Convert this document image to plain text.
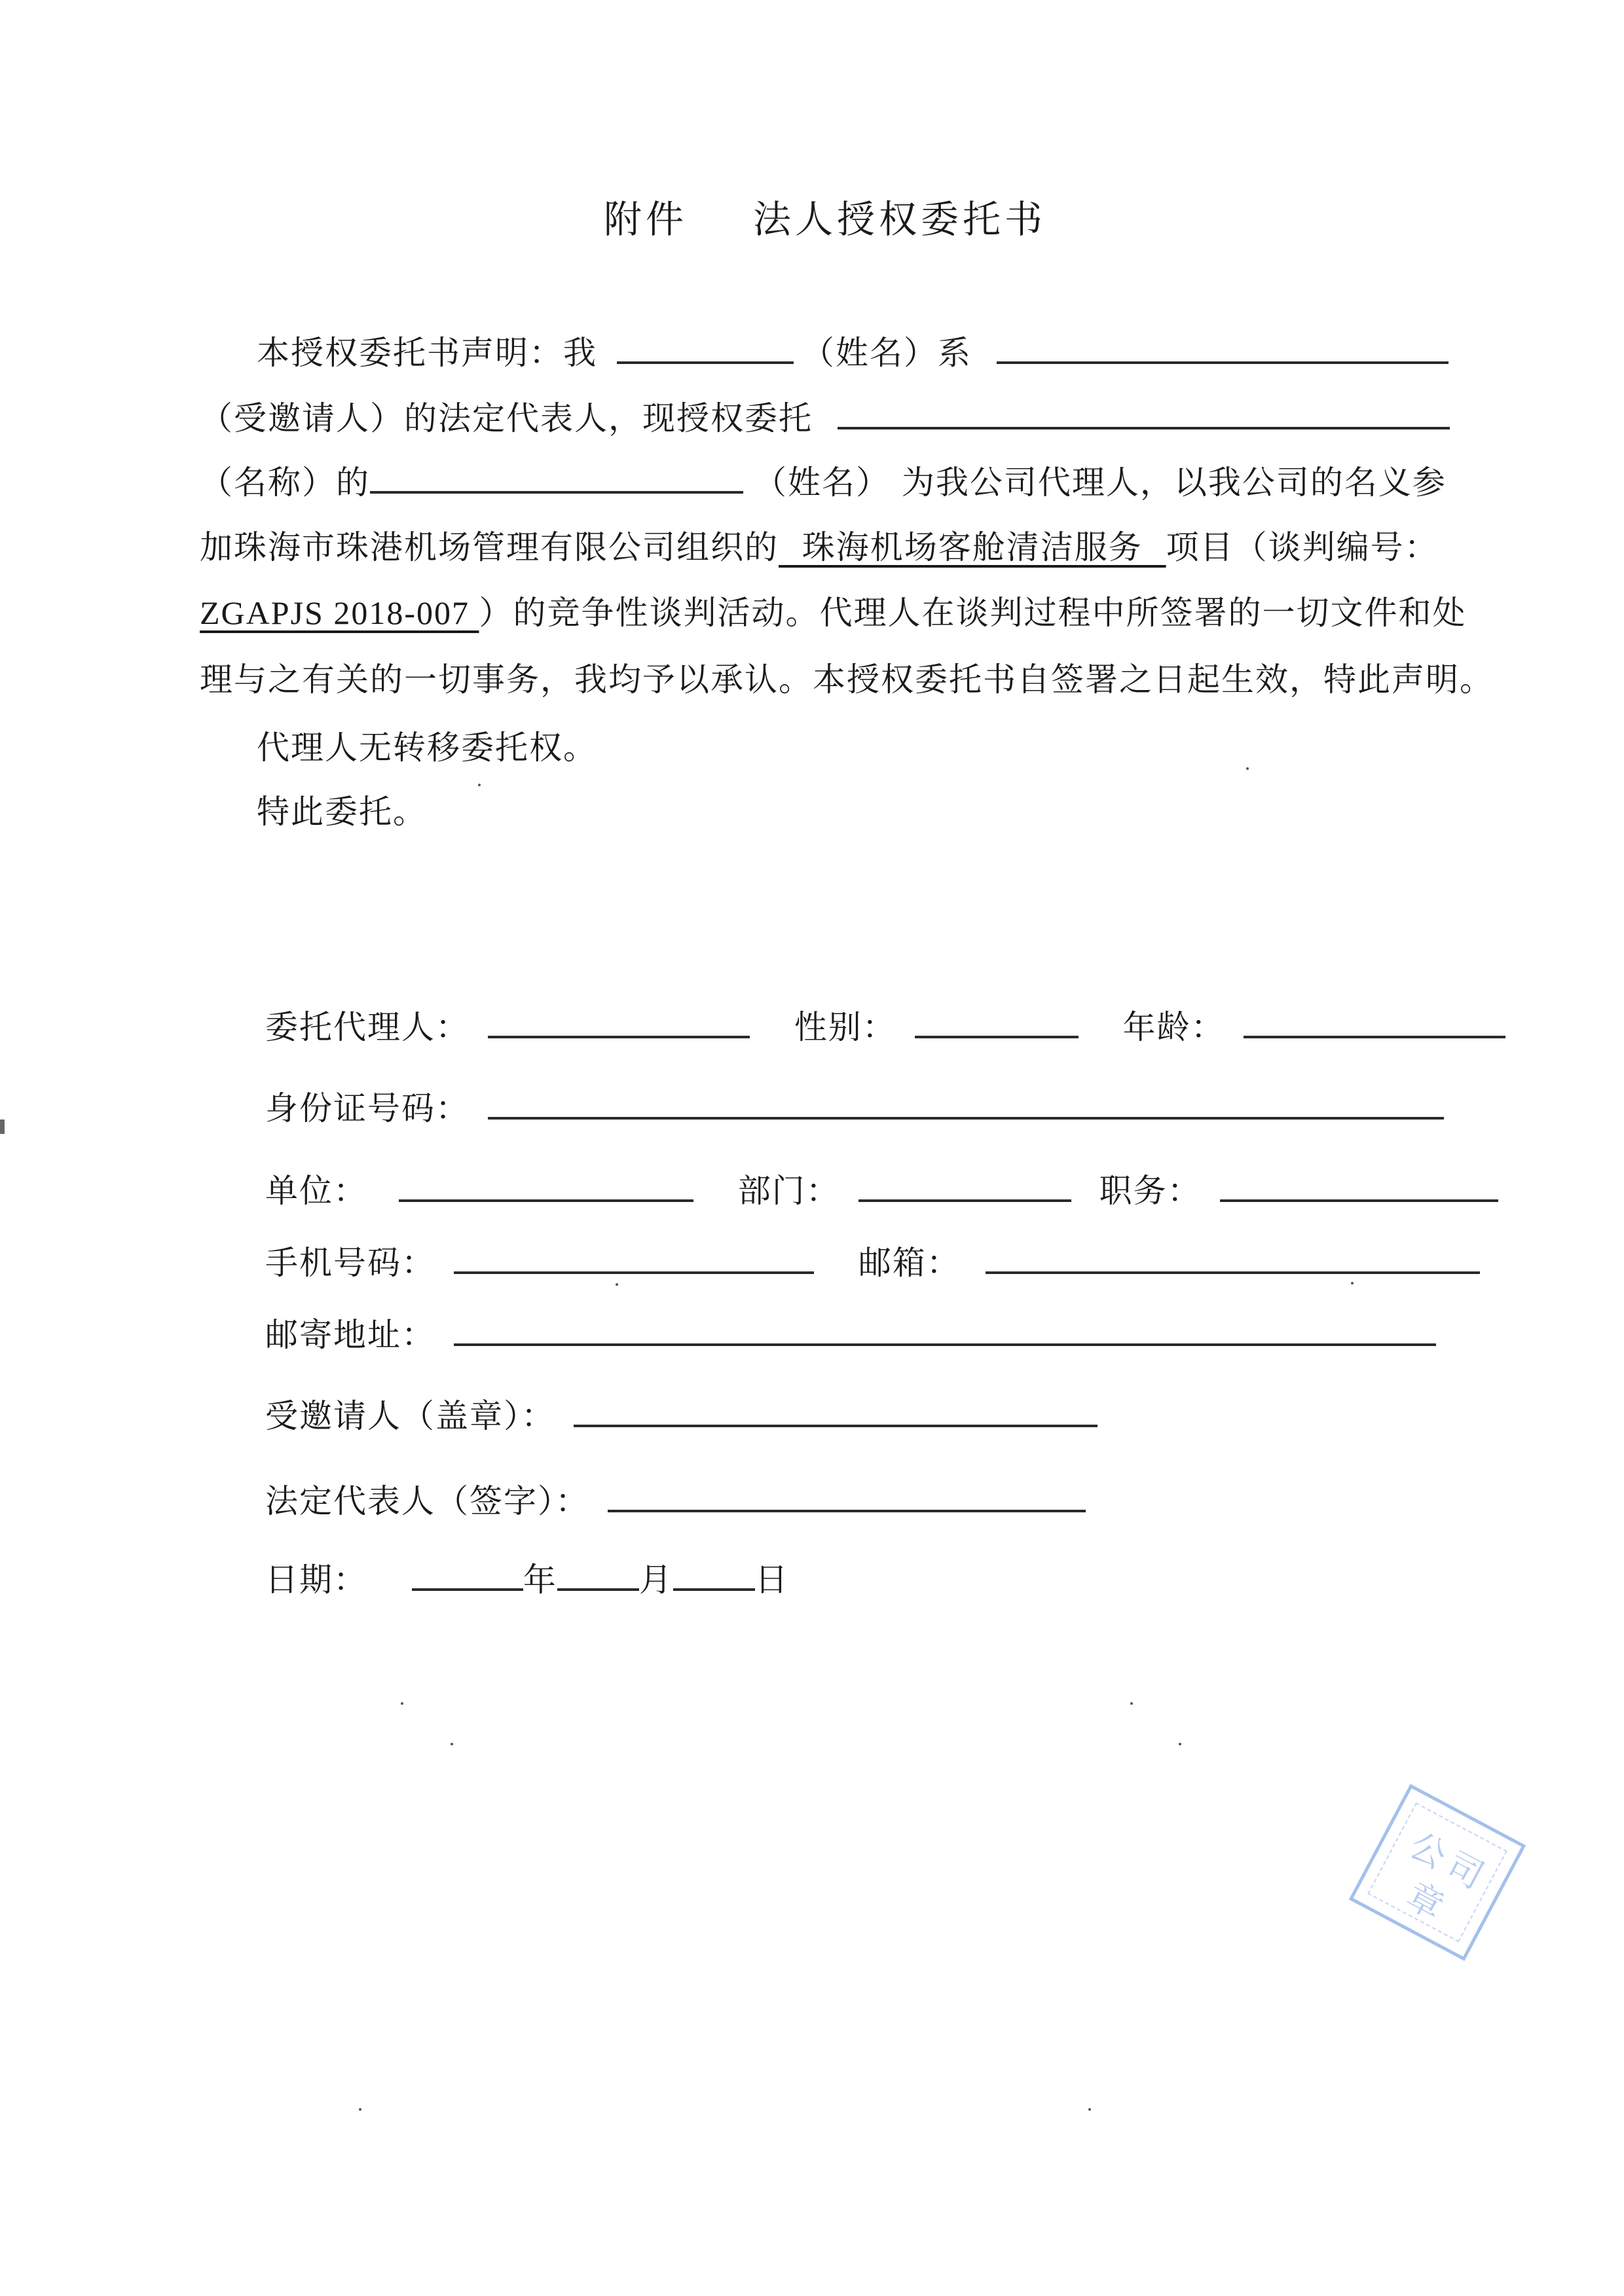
附件 法人授权委托书
本授权委托书声明：我	（姓名）系
（受邀请人）的法定代表人，现授权委托
（名称）的	（姓名） 为我公司代理人，以我公司的名义参
加珠海市珠港机场管理有限公司组织的  珠海机场客舱清洁服务  项目（谈判编号：
ZGAPJS 2018-007 ）的竞争性谈判活动。代理人在谈判过程中所签署的一切文件和处
理与之有关的一切事务，我均予以承认。本授权委托书自签署之日起生效，特此声明。
代理人无转移委托权。
特此委托。
委托代理人：	性别：	年龄：
身份证号码：
单位：	部门：	职务：
手机号码：	邮箱：
邮寄地址：
受邀请人（盖章）：
法定代表人（签字）：
日期：	年	月	日
公
司
章
